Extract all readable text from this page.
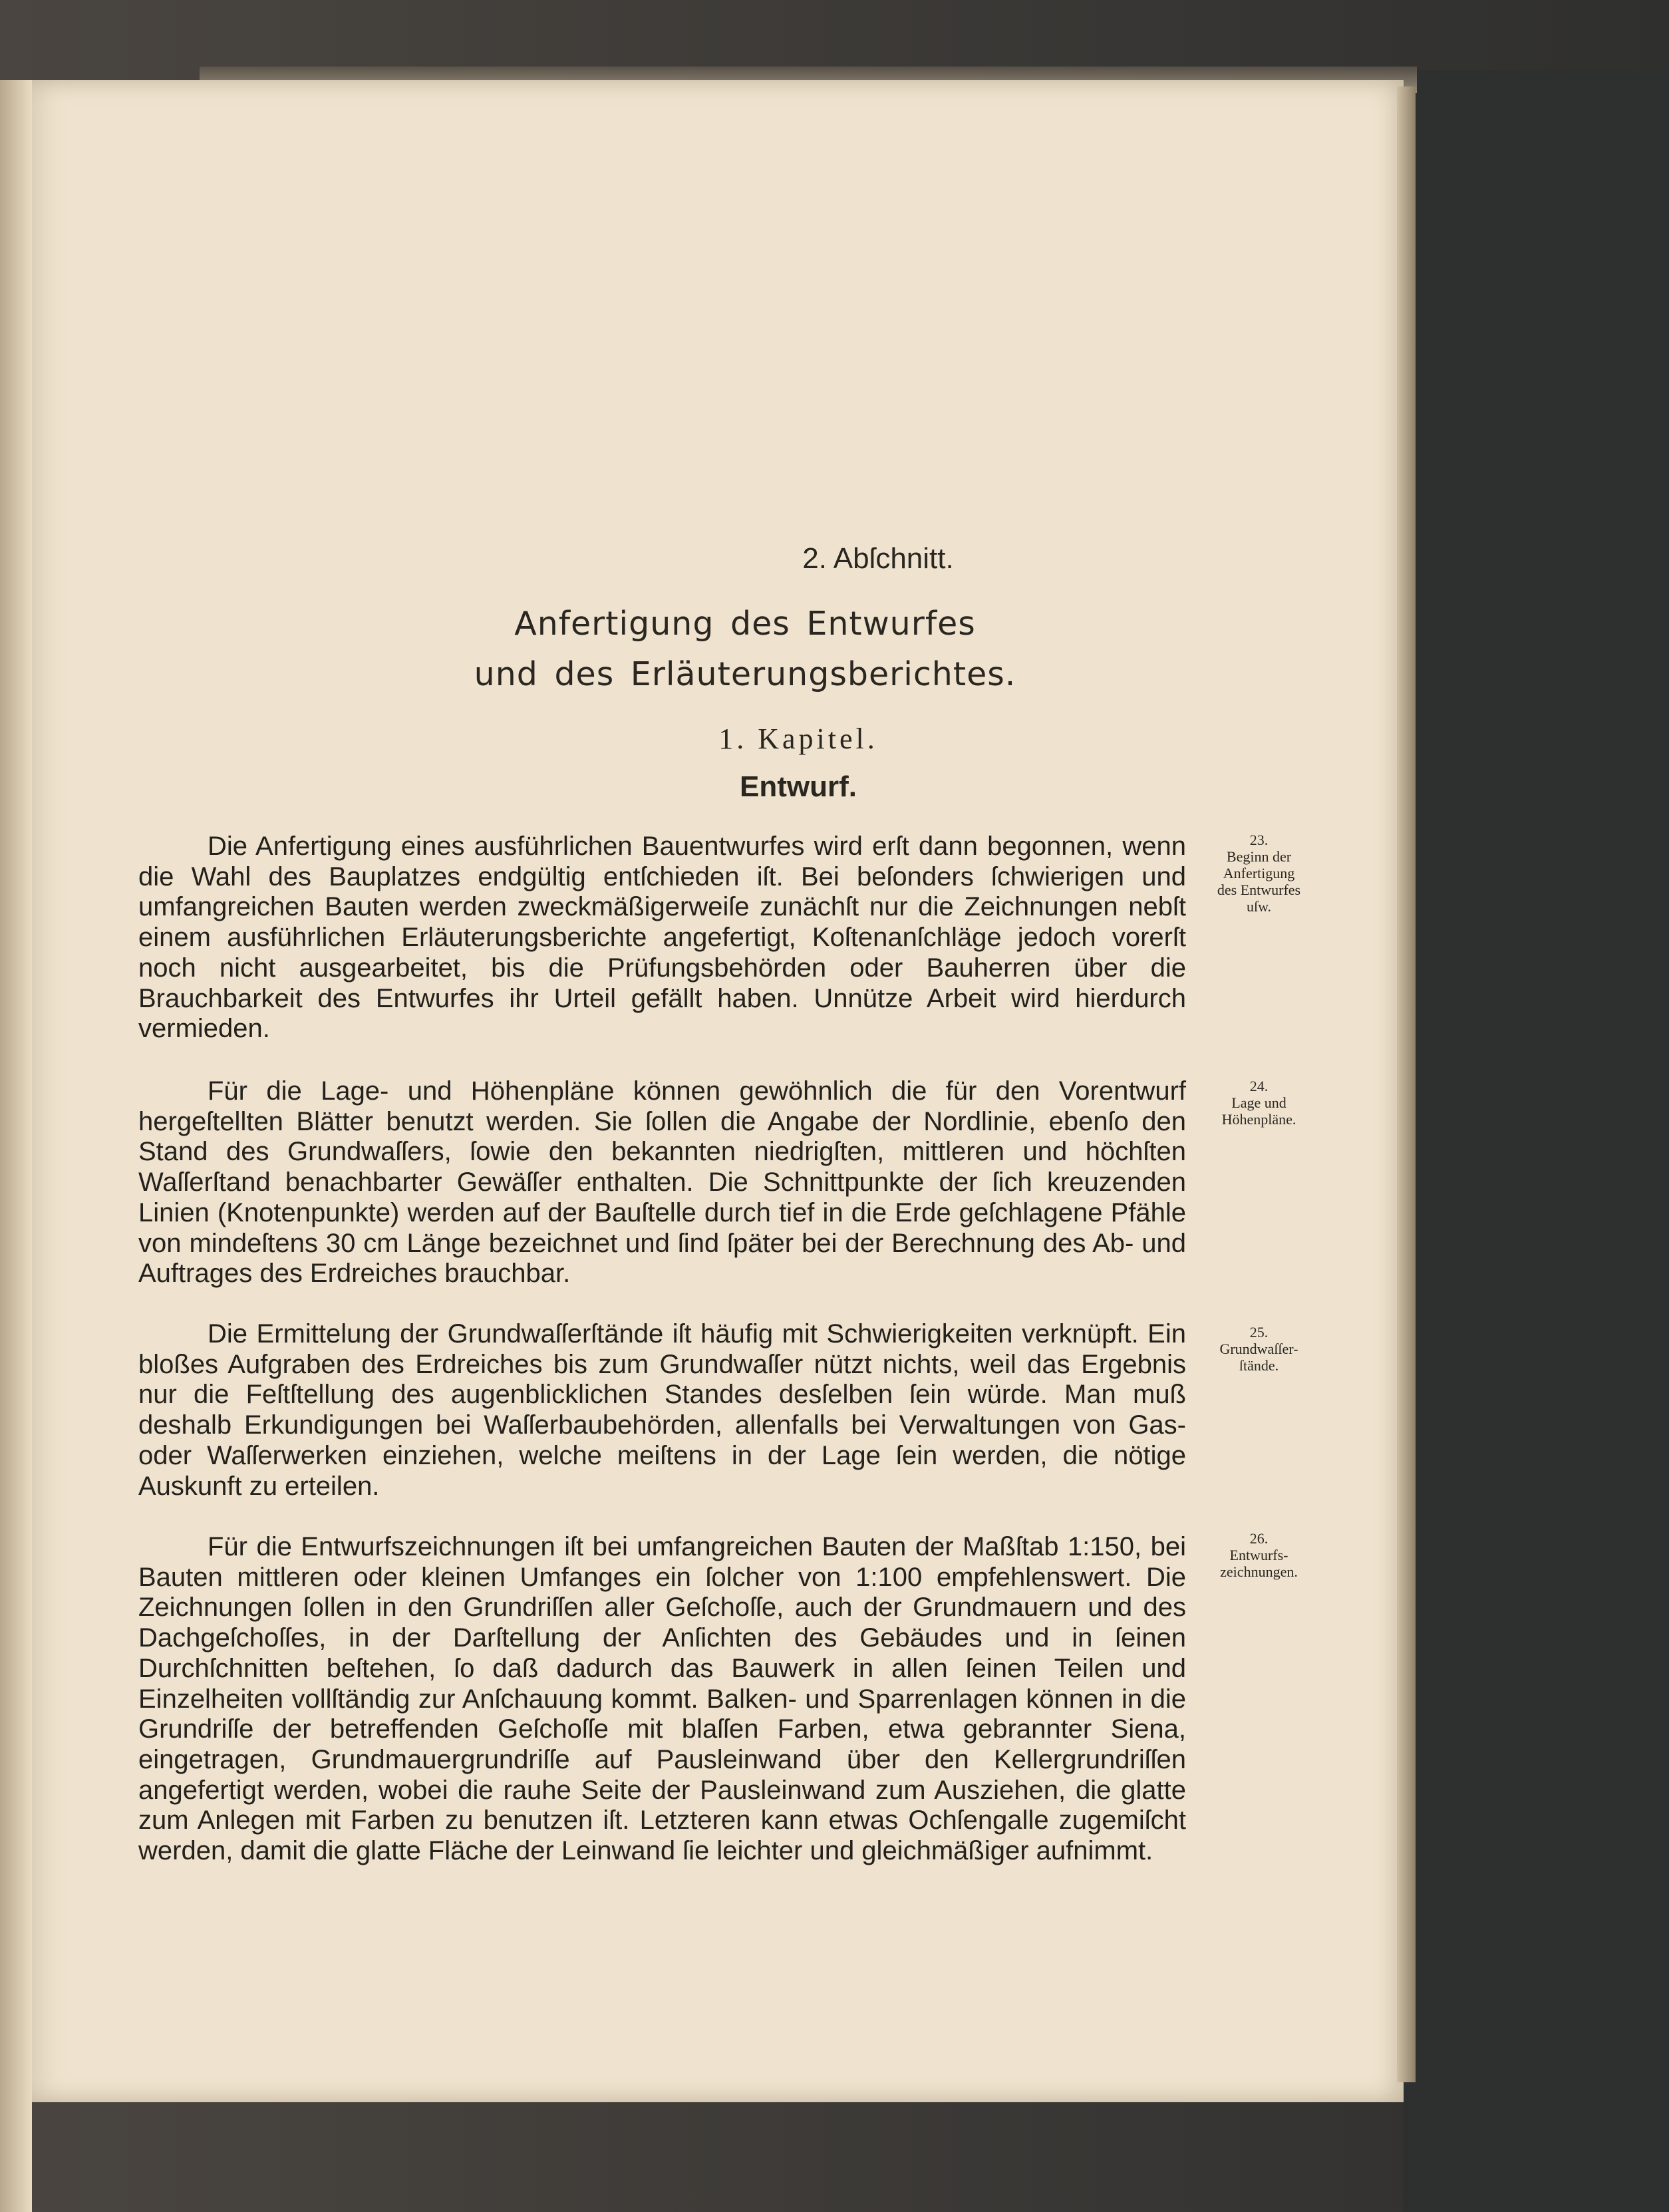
2. Abſchnitt.
Anfertigung des Entwurfes
und des Erläuterungsberichtes.
1. Kapitel.
Entwurf.

Die Anfertigung eines ausführlichen Bauentwurfes wird erſt dann begonnen, wenn die Wahl des Bauplatzes endgültig entſchieden iſt. Bei beſonders ſchwierigen und umfangreichen Bauten werden zweckmäßigerweiſe zunächſt nur die Zeichnungen nebſt einem ausführlichen Erläuterungsberichte angefertigt, Koſtenanſchläge jedoch vorerſt noch nicht ausgearbeitet, bis die Prüfungsbehörden oder Bauherren über die Brauchbarkeit des Entwurfes ihr Urteil gefällt haben. Unnütze Arbeit wird hierdurch vermieden.

Für die Lage- und Höhenpläne können gewöhnlich die für den Vorentwurf hergeſtellten Blätter benutzt werden. Sie ſollen die Angabe der Nordlinie, ebenſo den Stand des Grundwaſſers, ſowie den bekannten niedrigſten, mittleren und höchſten Waſſerſtand benachbarter Gewäſſer enthalten. Die Schnittpunkte der ſich kreuzenden Linien (Knotenpunkte) werden auf der Bauſtelle durch tief in die Erde geſchlagene Pfähle von mindeſtens 30 cm Länge bezeichnet und ſind ſpäter bei der Berechnung des Ab- und Auftrages des Erdreiches brauchbar.

Die Ermittelung der Grundwaſſerſtände iſt häufig mit Schwierigkeiten verknüpft. Ein bloßes Aufgraben des Erdreiches bis zum Grundwaſſer nützt nichts, weil das Ergebnis nur die Feſtſtellung des augenblicklichen Standes desſelben ſein würde. Man muß deshalb Erkundigungen bei Waſſerbaubehörden, allenfalls bei Verwaltungen von Gas- oder Waſſerwerken einziehen, welche meiſtens in der Lage ſein werden, die nötige Auskunft zu erteilen.

Für die Entwurfszeichnungen iſt bei umfangreichen Bauten der Maßſtab 1:150, bei Bauten mittleren oder kleinen Umfanges ein ſolcher von 1:100 empfehlenswert. Die Zeichnungen ſollen in den Grundriſſen aller Geſchoſſe, auch der Grundmauern und des Dachgeſchoſſes, in der Darſtellung der Anſichten des Gebäudes und in ſeinen Durchſchnitten beſtehen, ſo daß dadurch das Bauwerk in allen ſeinen Teilen und Einzelheiten vollſtändig zur Anſchauung kommt. Balken- und Sparrenlagen können in die Grundriſſe der betreffenden Geſchoſſe mit blaſſen Farben, etwa gebrannter Siena, eingetragen, Grundmauergrundriſſe auf Pausleinwand über den Kellergrundriſſen angefertigt werden, wobei die rauhe Seite der Pausleinwand zum Ausziehen, die glatte zum Anlegen mit Farben zu benutzen iſt. Letzteren kann etwas Ochſengalle zugemiſcht werden, damit die glatte Fläche der Leinwand ſie leichter und gleichmäßiger aufnimmt.

23.
Beginn der
Anfertigung
des Entwurfes
uſw.
24.
Lage und
Höhenpläne.
25.
Grundwaſſer-
ſtände.
26.
Entwurfs-
zeichnungen.
